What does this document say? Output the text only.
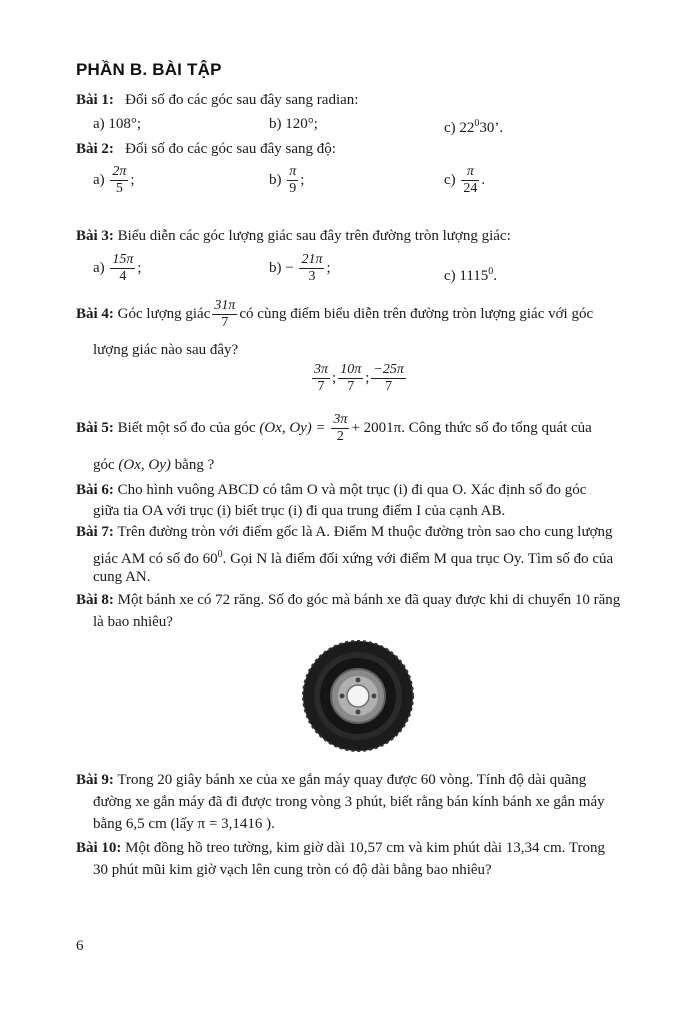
PHẦN B. BÀI TẬP
Bài 1: Đổi số đo các góc sau đây sang radian:
a) 108°;	b) 120°;	c) $22^030$’.
Bài 2: Đổi số đo các góc sau đây sang độ:
$a) \frac{2\pi}{5}$ ;	$b) \frac{\pi}{9}$ ;	$c) \frac{\pi}{24}$ .
Bài 3: Biểu diễn các góc lượng giác sau đây trên đường tròn lượng giác:
$a) \frac{15\pi}{4}$ ;	$b) - \frac{21\pi}{3}$ ;
c) 1115$^0$.
Bài 4: Góc lượng giác $\frac{31\pi}{7}$ có cùng điểm biểu diễn trên đường tròn lượng giác với góc
lượng giác nào sau đây?
$\frac{3\pi}{7}$ ; $\frac{10\pi}{7}$ ; $\frac{-25\pi}{7}$
Bài 5: Biết một số đo của góc (Ox, $Oy) = \frac{3\pi}{2} + 2001\pi$. Công thức số đo tổng quát của
góc (Ox, Oy) bằng ?
Bài 6: Cho hình vuông ABCD có tâm O và một trục (i) đi qua O. Xác định số đo góc
giữa tia OA với trục (i) biết trục (i) đi qua trung điểm I của cạnh AB.
Bài 7: Trên đường tròn với điểm gốc là A. Điểm M thuộc đường tròn sao cho cung lượng
giác AM có số đo $60^0$. Gọi N là điểm đối xứng với điểm M qua trục Oy. Tìm số đo của
cung AN.
Bài 8: Một bánh xe có 72 răng. Số đo góc mà bánh xe đã quay được khi di chuyển 10 răng
là bao nhiêu?
Bài 9: Trong 20 giây bánh xe của xe gắn máy quay được 60 vòng. Tính độ dài quãng
đường xe gắn máy đã đi được trong vòng 3 phút, biết rằng bán kính bánh xe gắn máy
bằng 6,5 cm (lấy π = 3,1416 ).
Bài 10: Một đồng hồ treo tường, kim giờ dài 10,57 cm và kim phút dài 13,34 cm. Trong
30 phút mũi kim giờ vạch lên cung tròn có độ dài bằng bao nhiêu?
6
